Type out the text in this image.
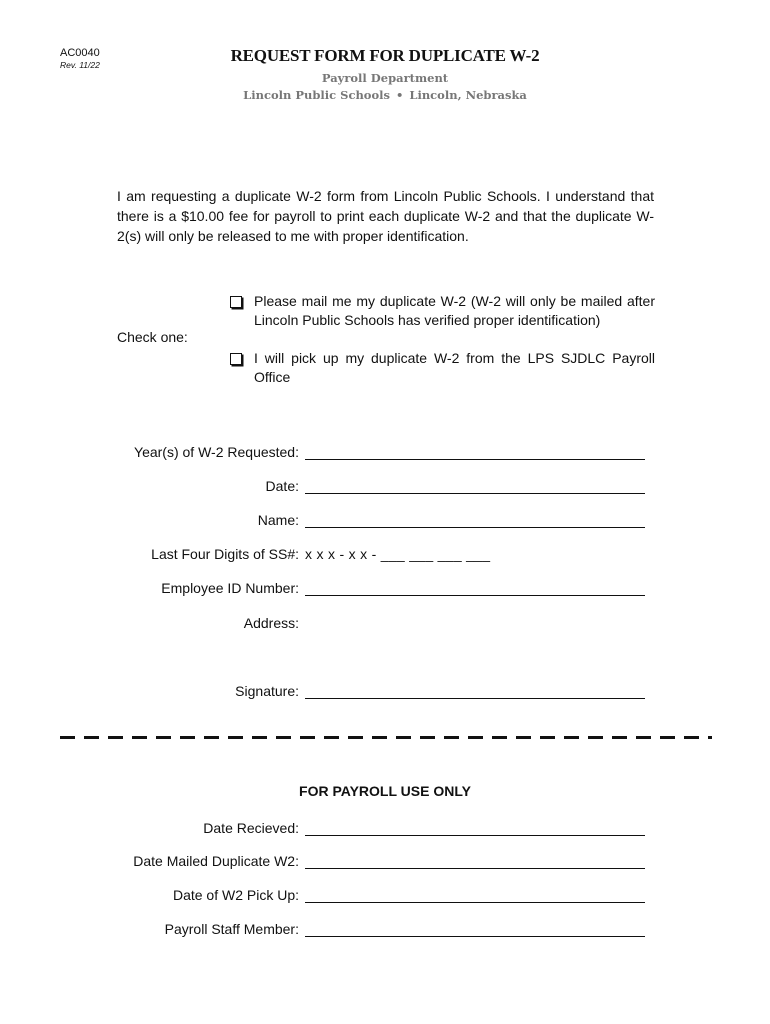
AC0040
Rev. 11/22	REQUEST FORM FOR DUPLICATE W-2
Payroll Department
Lincoln Public Schools • Lincoln, Nebraska
I am requesting a duplicate W-2 form from Lincoln Public Schools. I understand that there is a $10.00 fee for payroll to print each duplicate W-2 and that the duplicate W-2(s) will only be released to me with proper identification.
Check one:
Please mail me my duplicate W-2 (W-2 will only be mailed after Lincoln Public Schools has verified proper identification)
I will pick up my duplicate W-2 from the LPS SJDLC Payroll Office
Year(s) of W-2 Requested:
Date:
Name:
Last Four Digits of SS#: x x x - x x - ___ ___ ___ ___
Employee ID Number:
Address:
Signature:
FOR PAYROLL USE ONLY
Date Recieved:
Date Mailed Duplicate W2:
Date of W2 Pick Up:
Payroll Staff Member:
